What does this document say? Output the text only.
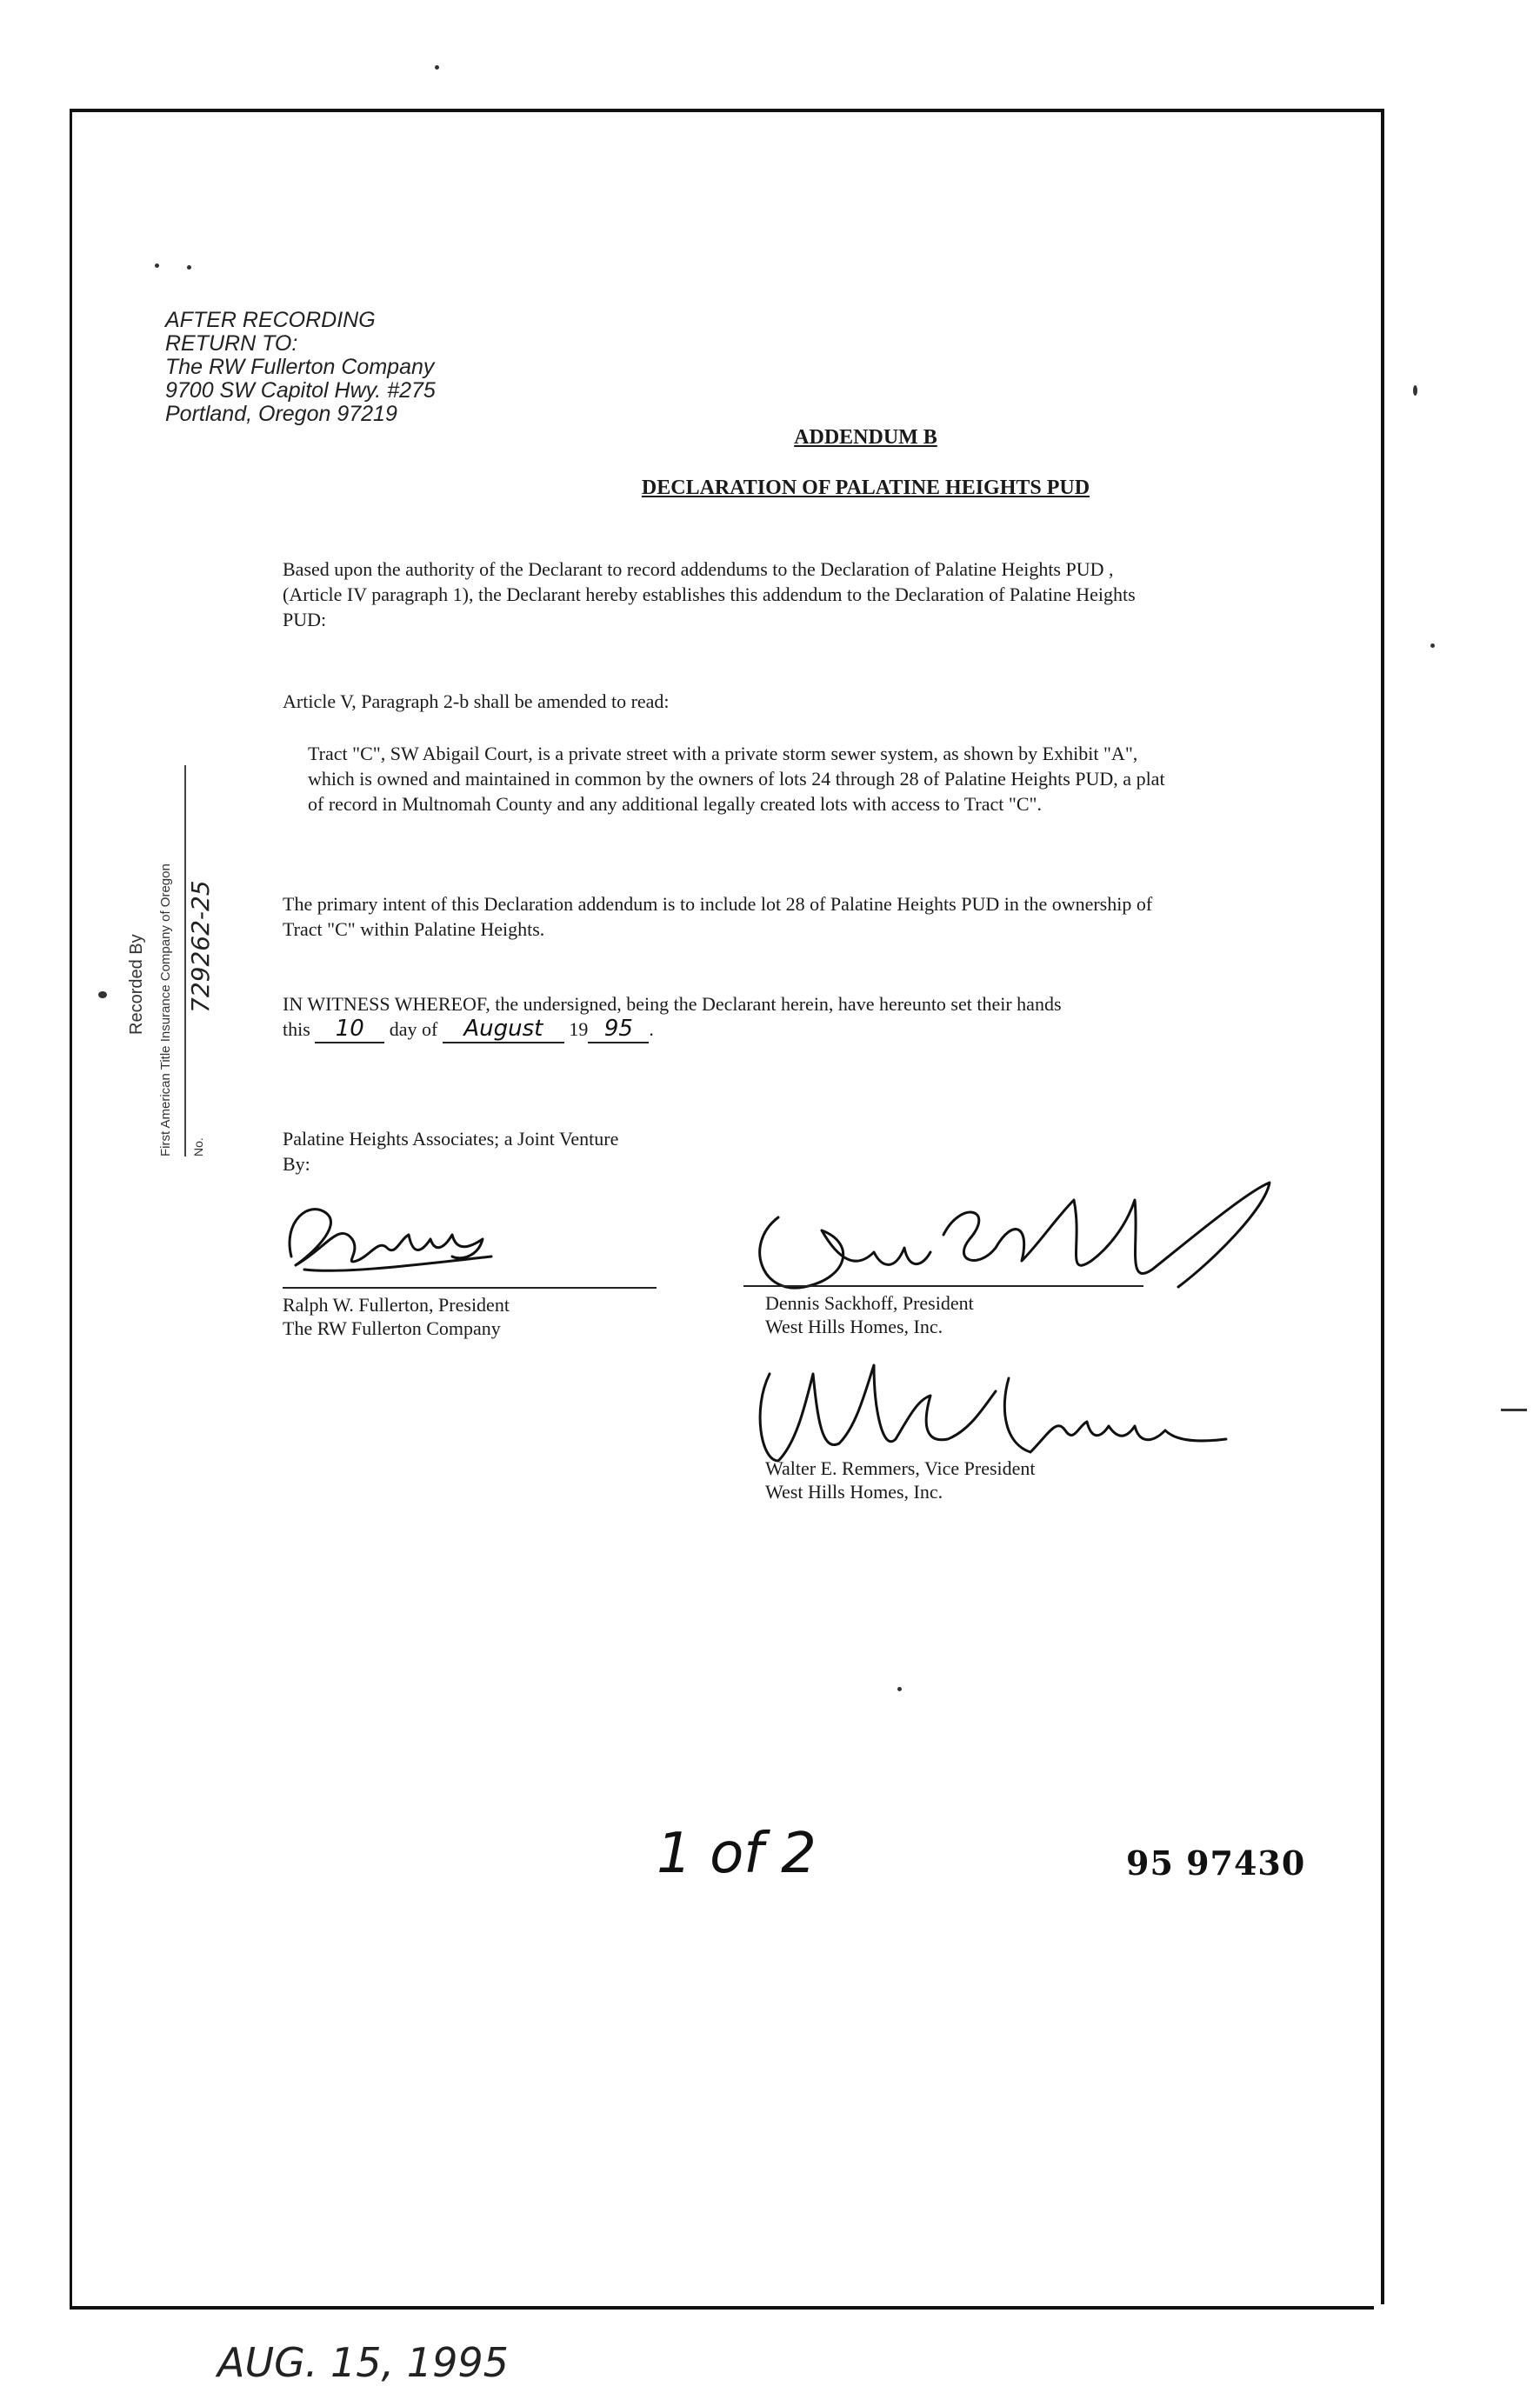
AFTER RECORDING
RETURN TO:
The RW Fullerton Company
9700 SW Capitol Hwy. #275
Portland, Oregon 97219
ADDENDUM B
DECLARATION OF PALATINE HEIGHTS PUD
Based upon the authority of the Declarant to record addendums to the Declaration of Palatine Heights PUD , (Article IV paragraph 1), the Declarant hereby establishes this addendum to the Declaration of Palatine Heights PUD:
Article V, Paragraph 2-b shall be amended to read:
Tract "C", SW Abigail Court, is a private street with a private storm sewer system, as shown by Exhibit "A", which is owned and maintained in common by the owners of lots 24 through 28 of Palatine Heights PUD, a plat of record in Multnomah County and any additional legally created lots with access to Tract "C".
The primary intent of this Declaration addendum is to include lot 28 of Palatine Heights PUD in the ownership of Tract "C" within Palatine Heights.
IN WITNESS WHEREOF, the undersigned, being the Declarant herein, have hereunto set their hands
this 10 day of August 19 95 .
Palatine Heights Associates; a Joint Venture
By:
Ralph W. Fullerton, President
The RW Fullerton Company
Dennis Sackhoff, President
West Hills Homes, Inc.
Walter E. Remmers, Vice President
West Hills Homes, Inc.
Recorded By First American Title Insurance Company of Oregon No.
729262-25
1 of 2	95 97430
AUG. 15, 1995
